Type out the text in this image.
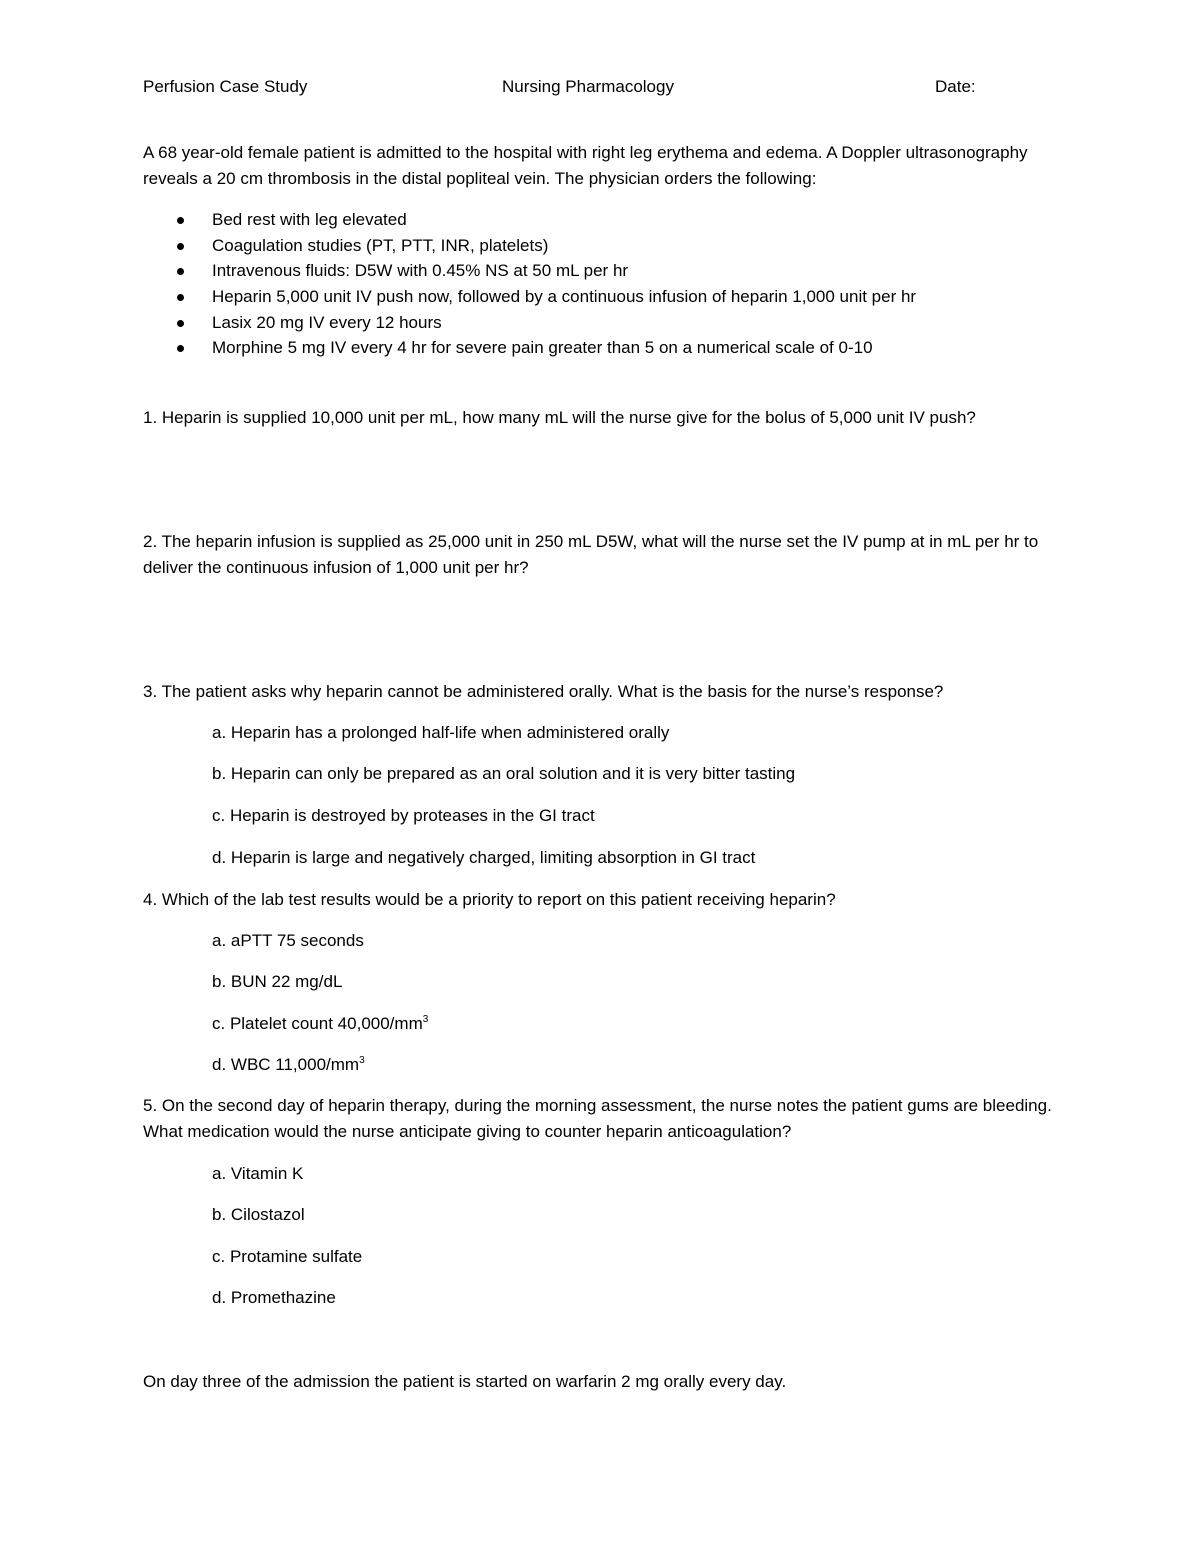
Perfusion Case Study	Nursing Pharmacology	Date:

A 68 year-old female patient is admitted to the hospital with right leg erythema and edema. A Doppler ultrasonography reveals a 20 cm thrombosis in the distal popliteal vein. The physician orders the following:

Bed rest with leg elevated
Coagulation studies (PT, PTT, INR, platelets)
Intravenous fluids: D5W with 0.45% NS at 50 mL per hr
Heparin 5,000 unit IV push now, followed by a continuous infusion of heparin 1,000 unit per hr
Lasix 20 mg IV every 12 hours
Morphine 5 mg IV every 4 hr for severe pain greater than 5 on a numerical scale of 0-10

1. Heparin is supplied 10,000 unit per mL, how many mL will the nurse give for the bolus of 5,000 unit IV push?

2. The heparin infusion is supplied as 25,000 unit in 250 mL D5W, what will the nurse set the IV pump at in mL per hr to deliver the continuous infusion of 1,000 unit per hr?

3. The patient asks why heparin cannot be administered orally. What is the basis for the nurse’s response?

a. Heparin has a prolonged half-life when administered orally

b. Heparin can only be prepared as an oral solution and it is very bitter tasting

c. Heparin is destroyed by proteases in the GI tract

d. Heparin is large and negatively charged, limiting absorption in GI tract

4. Which of the lab test results would be a priority to report on this patient receiving heparin?

a. aPTT 75 seconds

b. BUN 22 mg/dL

c. Platelet count $40,000/mm^3$

d. WBC $11,000/mm^3$

5. On the second day of heparin therapy, during the morning assessment, the nurse notes the patient gums are bleeding. What medication would the nurse anticipate giving to counter heparin anticoagulation?

a. Vitamin K

b. Cilostazol

c. Protamine sulfate

d. Promethazine

On day three of the admission the patient is started on warfarin 2 mg orally every day.
